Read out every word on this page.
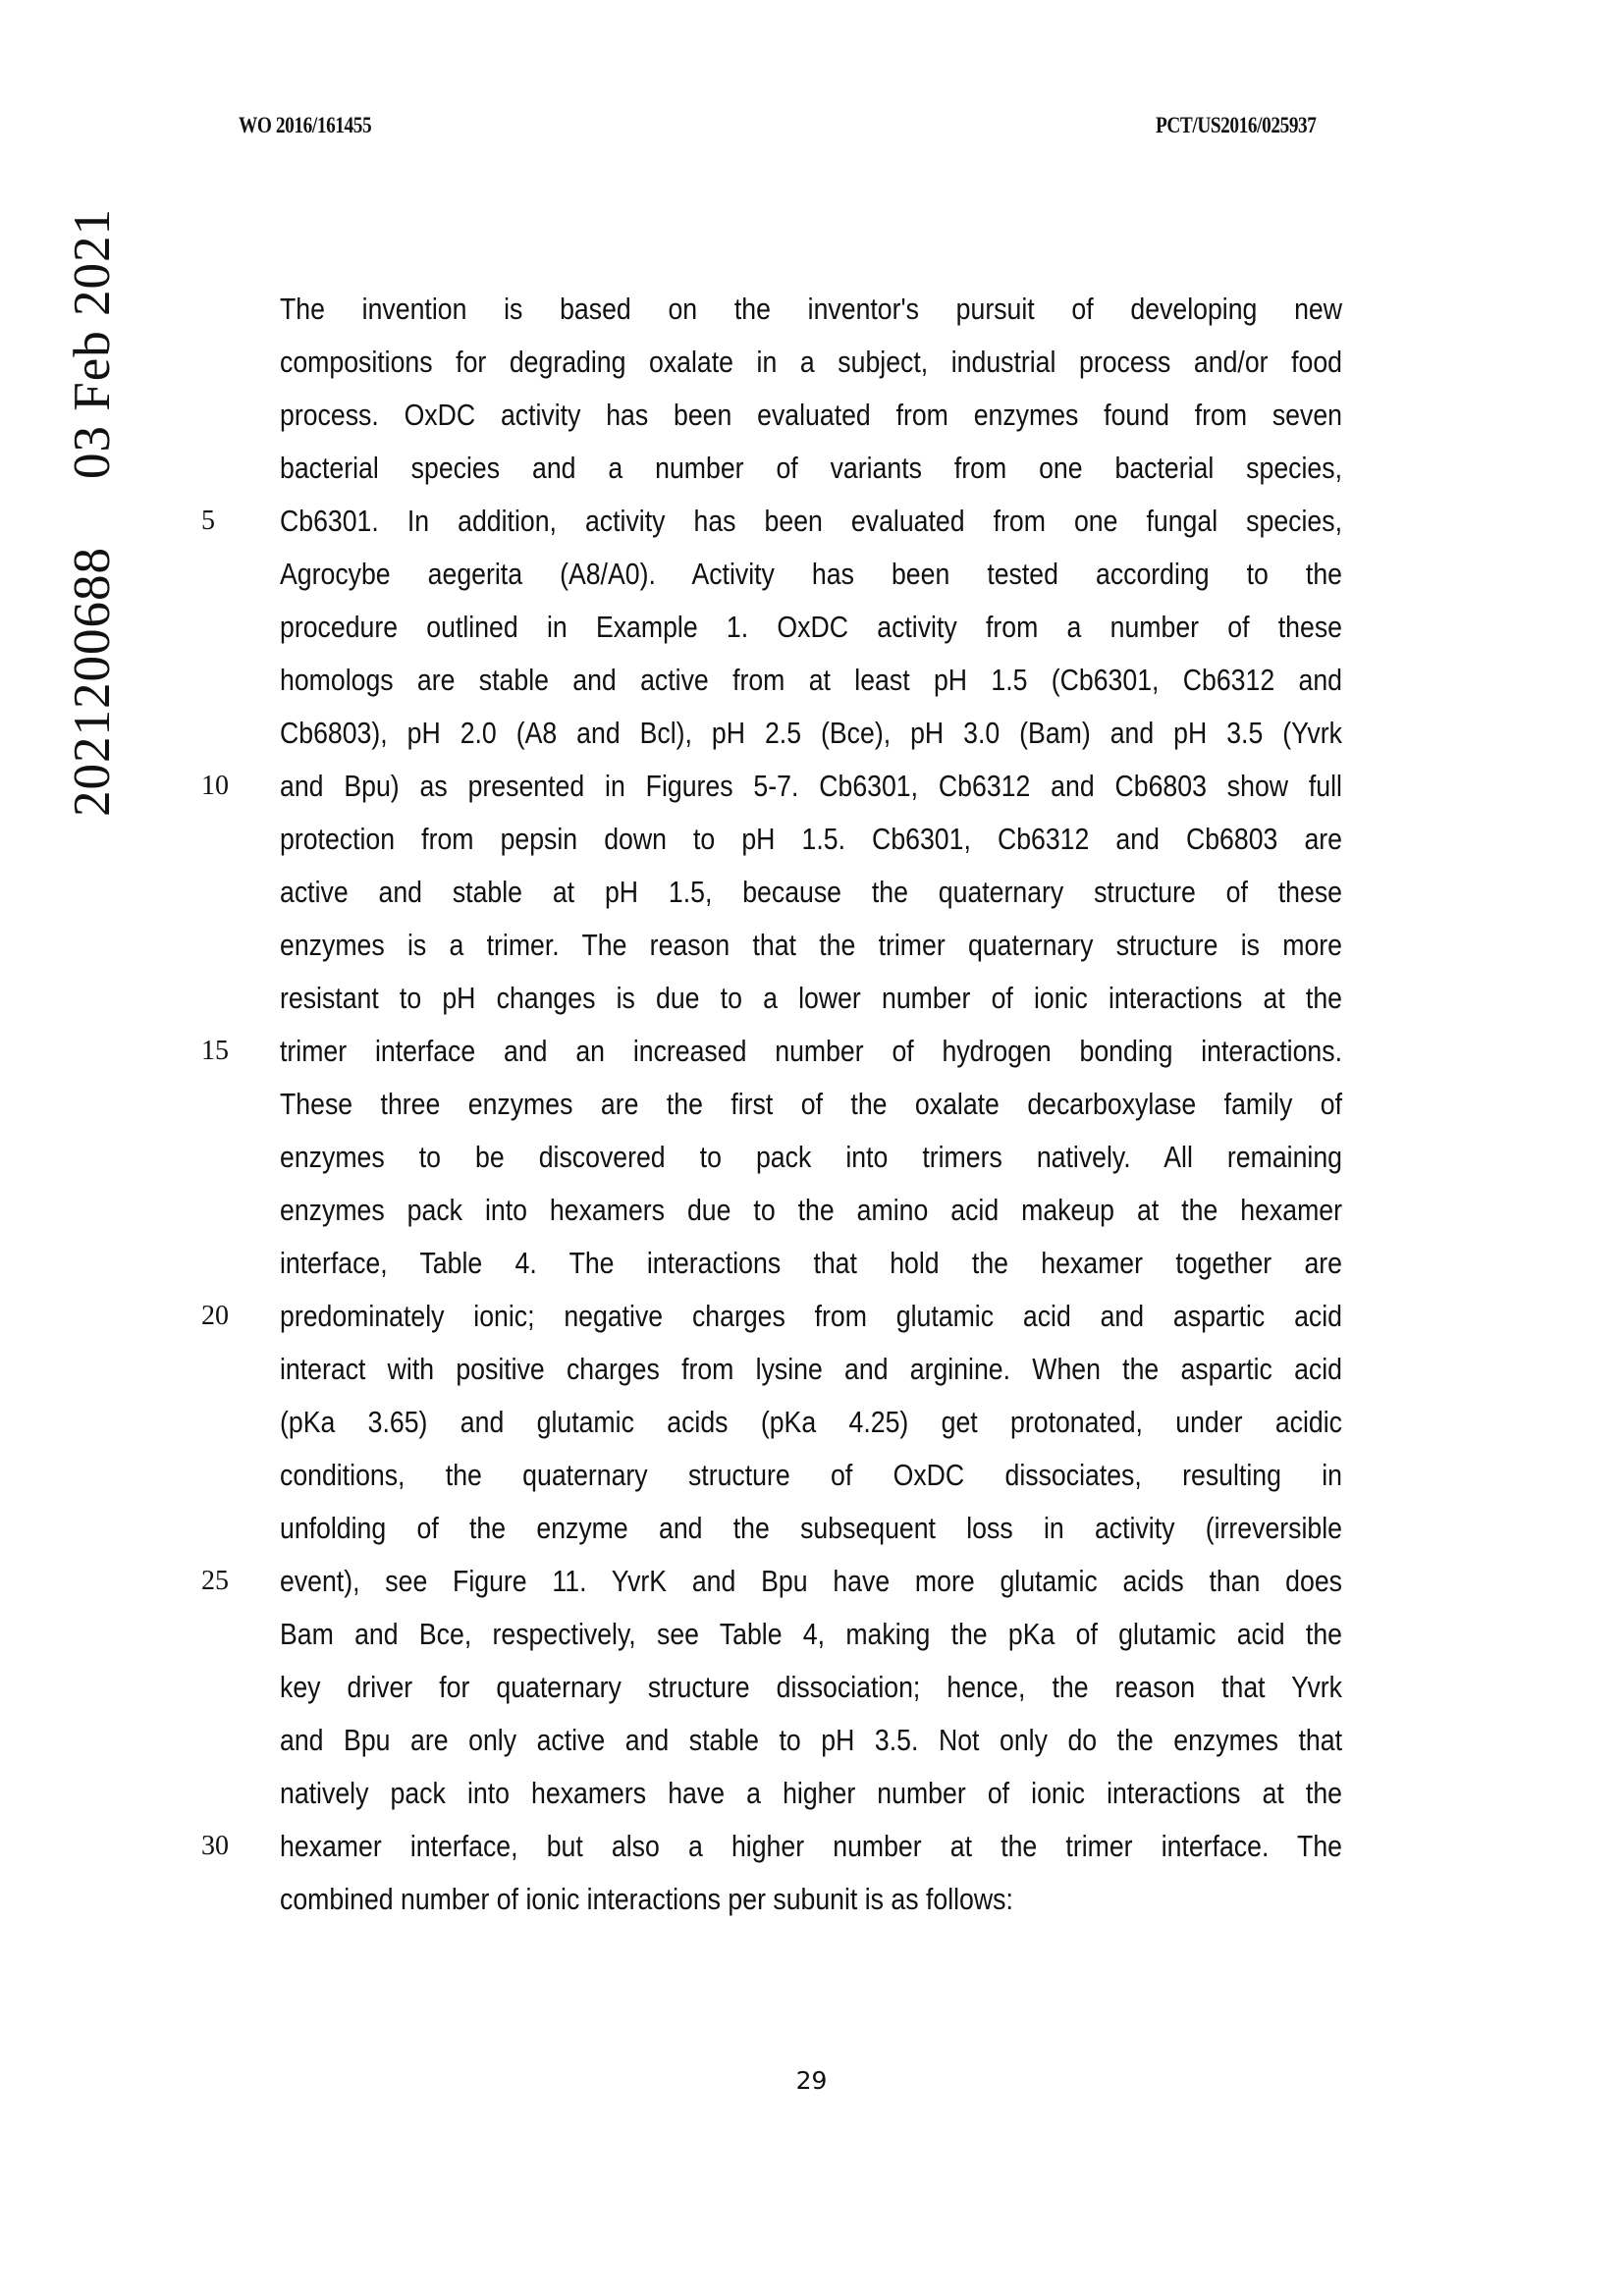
WO 2016/161455	PCT/US2016/025937
2021200688
03 Feb 2021	The invention is based on the inventor's pursuit of developing new
compositions for degrading oxalate in a subject, industrial process and/or food
process. OxDC activity has been evaluated from enzymes found from seven
bacterial species and a number of variants from one bacterial species,
5	Cb6301. In addition, activity has been evaluated from one fungal species,
Agrocybe aegerita (A8/A0). Activity has been tested according to the
procedure outlined in Example 1. OxDC activity from a number of these
homologs are stable and active from at least pH 1.5 (Cb6301, Cb6312 and
Cb6803), pH 2.0 (A8 and Bcl), pH 2.5 (Bce), pH 3.0 (Bam) and pH 3.5 (Yvrk
10	and Bpu) as presented in Figures 5-7. Cb6301, Cb6312 and Cb6803 show full
protection from pepsin down to pH 1.5. Cb6301, Cb6312 and Cb6803 are
active and stable at pH 1.5, because the quaternary structure of these
enzymes is a trimer. The reason that the trimer quaternary structure is more
resistant to pH changes is due to a lower number of ionic interactions at the
15	trimer interface and an increased number of hydrogen bonding interactions.
These three enzymes are the first of the oxalate decarboxylase family of
enzymes to be discovered to pack into trimers natively. All remaining
enzymes pack into hexamers due to the amino acid makeup at the hexamer
interface, Table 4. The interactions that hold the hexamer together are
20	predominately ionic; negative charges from glutamic acid and aspartic acid
interact with positive charges from lysine and arginine. When the aspartic acid
(pKa 3.65) and glutamic acids (pKa 4.25) get protonated, under acidic
conditions, the quaternary structure of OxDC dissociates, resulting in
unfolding of the enzyme and the subsequent loss in activity (irreversible
25	event), see Figure 11. YvrK and Bpu have more glutamic acids than does
Bam and Bce, respectively, see Table 4, making the pKa of glutamic acid the
key driver for quaternary structure dissociation; hence, the reason that Yvrk
and Bpu are only active and stable to pH 3.5. Not only do the enzymes that
natively pack into hexamers have a higher number of ionic interactions at the
30	hexamer interface, but also a higher number at the trimer interface. The
combined number of ionic interactions per subunit is as follows:
29
